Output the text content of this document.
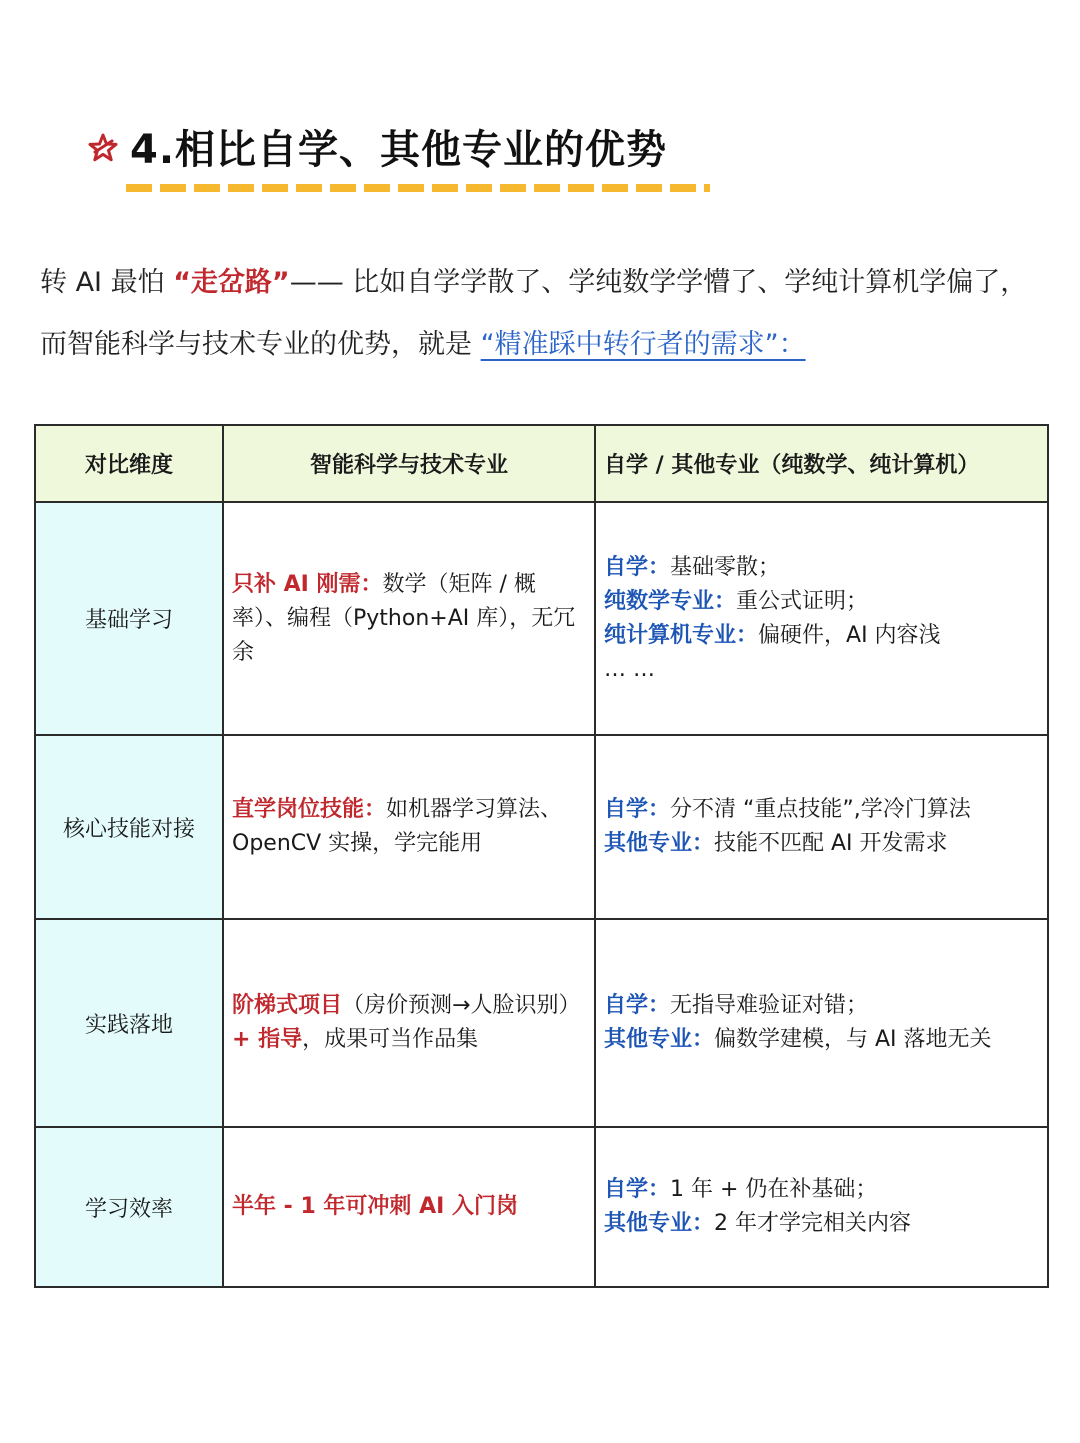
4.相比自学、其他专业的优势

转 AI 最怕 “走岔路”—— 比如自学学散了、学纯数学学懵了、学纯计算机学偏了，而智能科学与技术专业的优势，就是 “精准踩中转行者的需求”：

对比维度	智能科学与技术专业	自学 / 其他专业（纯数学、纯计算机）
基础学习	只补 AI 刚需：数学（矩阵 / 概率）、编程（Python+AI 库），无冗余	自学：基础零散；
纯数学专业：重公式证明；
纯计算机专业：偏硬件，AI 内容浅
… …

核心技能对接	直学岗位技能：如机器学习算法、OpenCV 实操，学完能用	自学：分不清 “重点技能”,学冷门算法
其他专业：技能不匹配 AI 开发需求

实践落地	阶梯式项目（房价预测→人脸识别）+ 指导，成果可当作品集	自学：无指导难验证对错；
其他专业：偏数学建模，与 AI 落地无关

学习效率	半年 - 1 年可冲刺 AI 入门岗	自学：1 年 + 仍在补基础；
其他专业：2 年才学完相关内容
